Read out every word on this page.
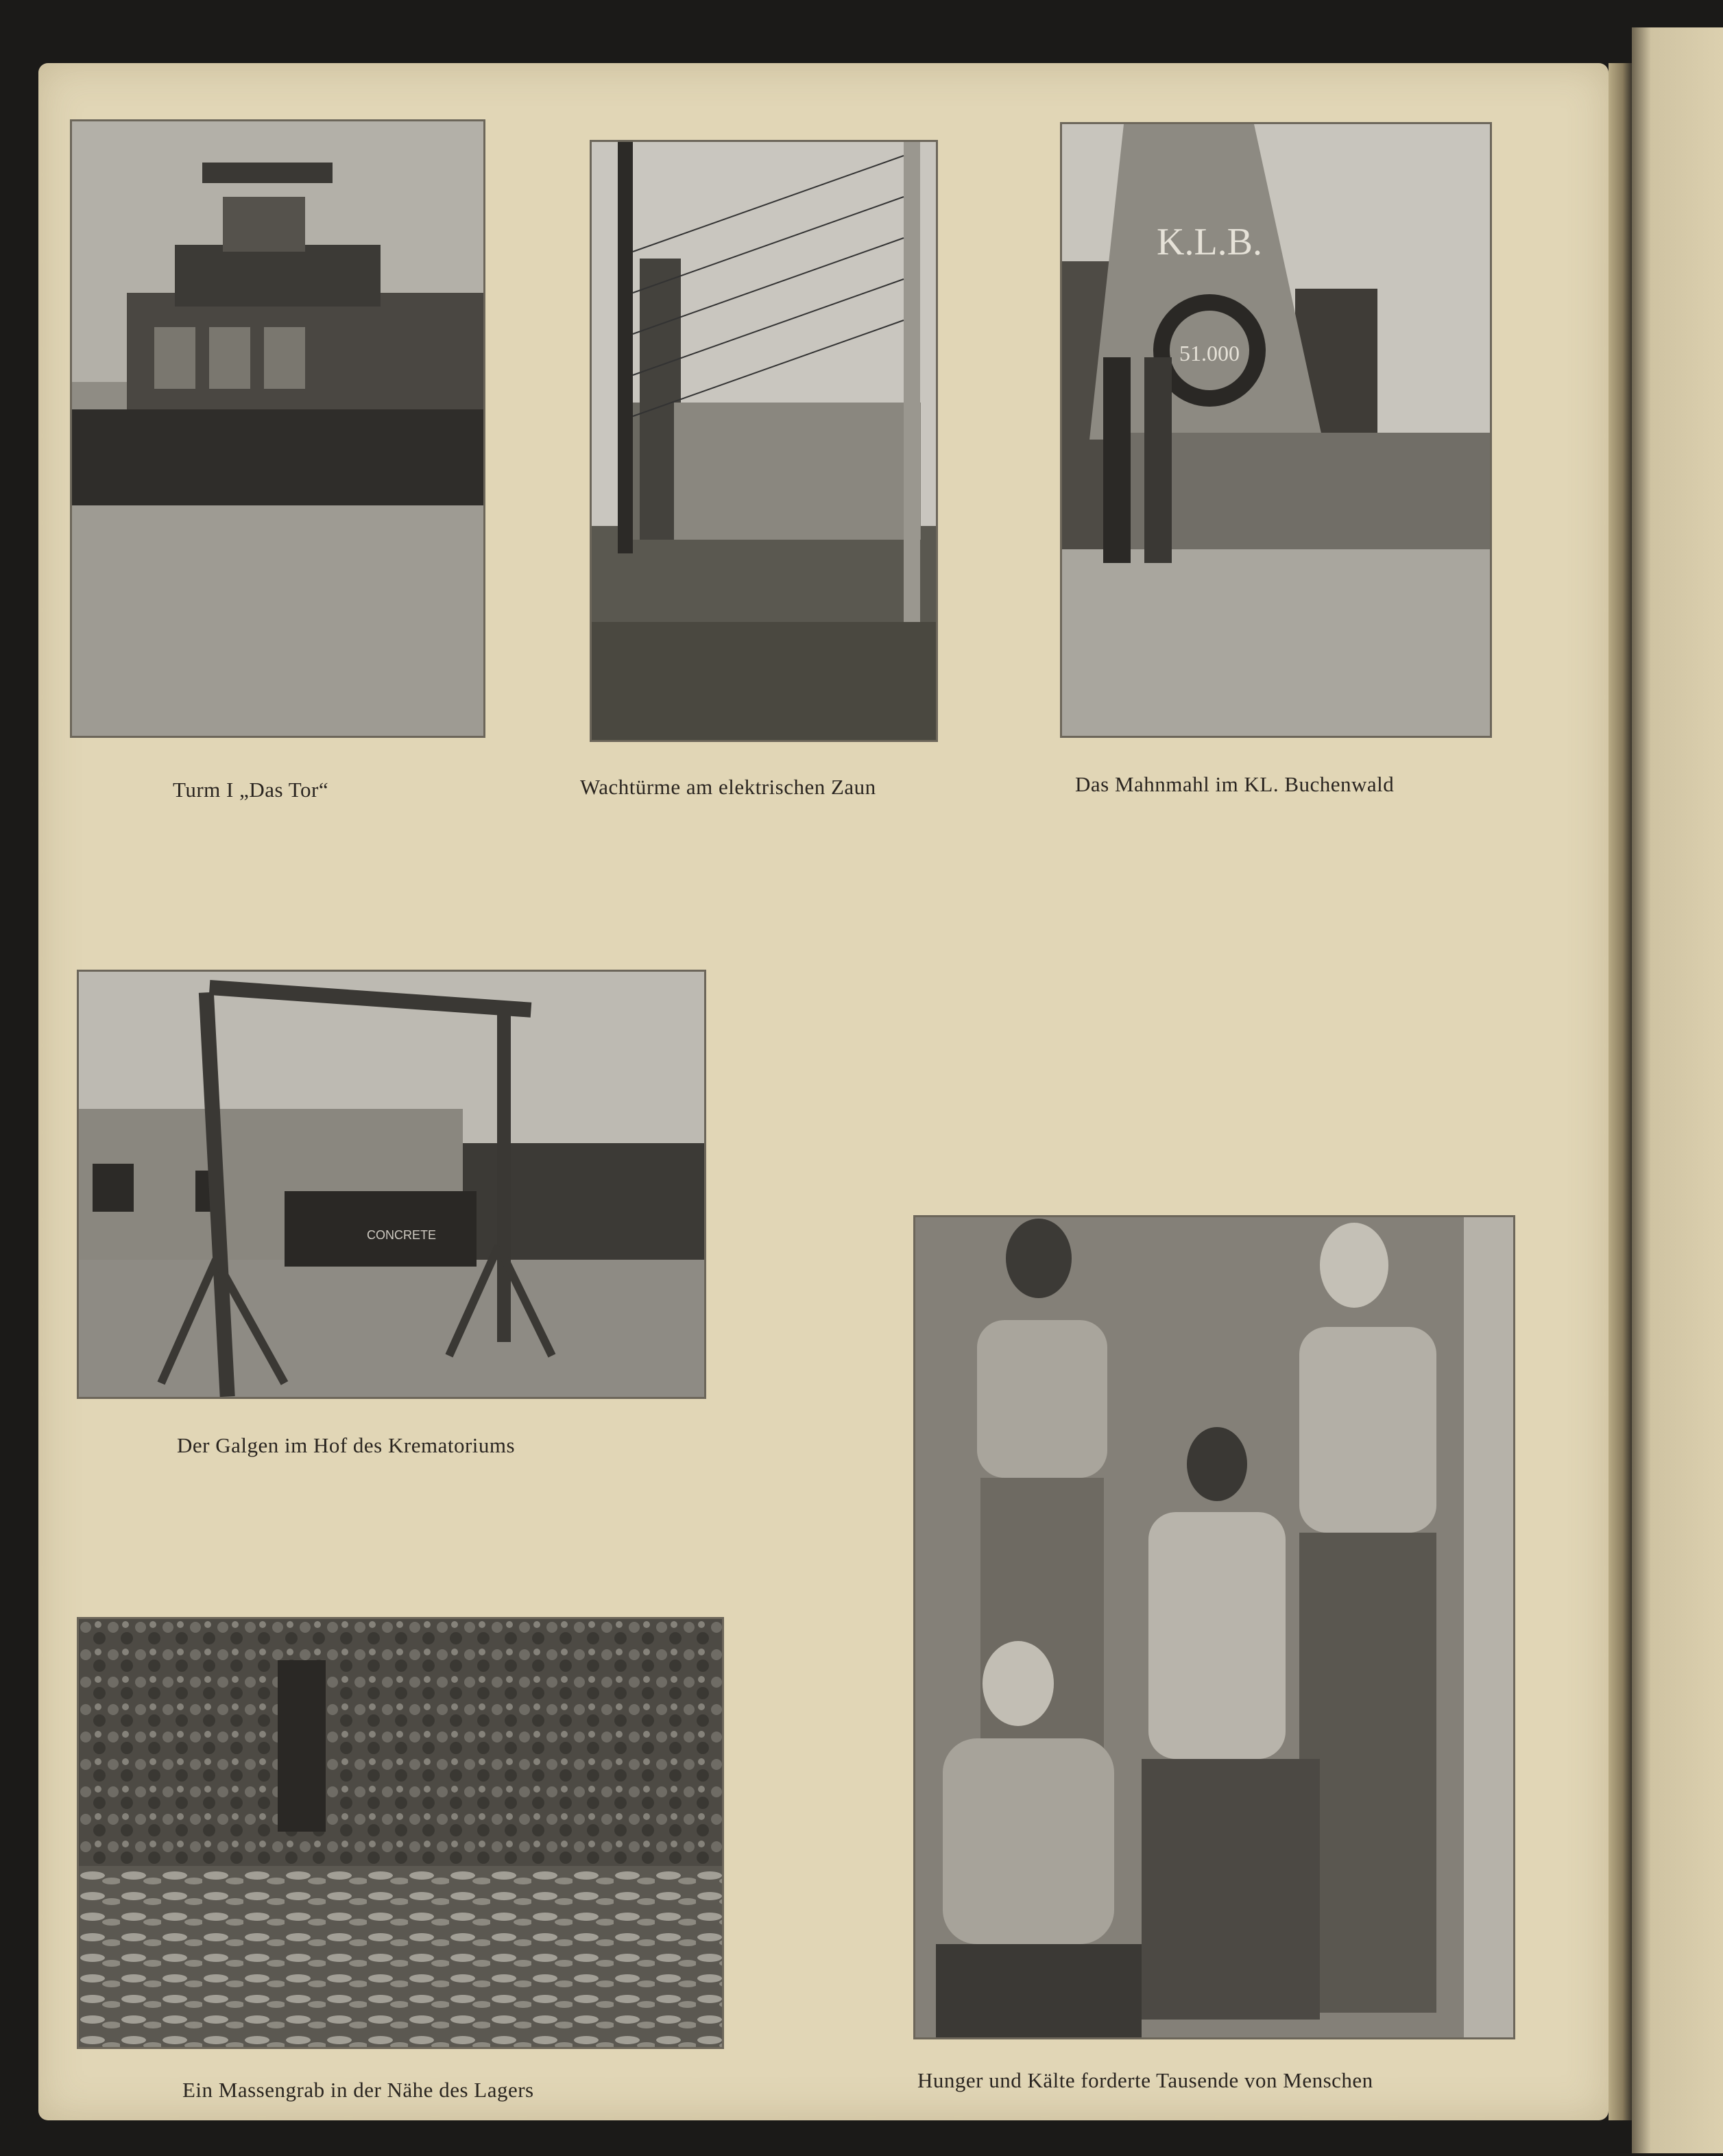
Turm I „Das Tor“	Wachtürme am elektrischen Zaun
K.L.B.
51.000
Das Mahnmahl im KL. Buchenwald
CONCRETE
Der Galgen im Hof des Krematoriums
Ein Massengrab in der Nähe des Lagers	Hunger und Kälte forderte Tausende von Menschen
